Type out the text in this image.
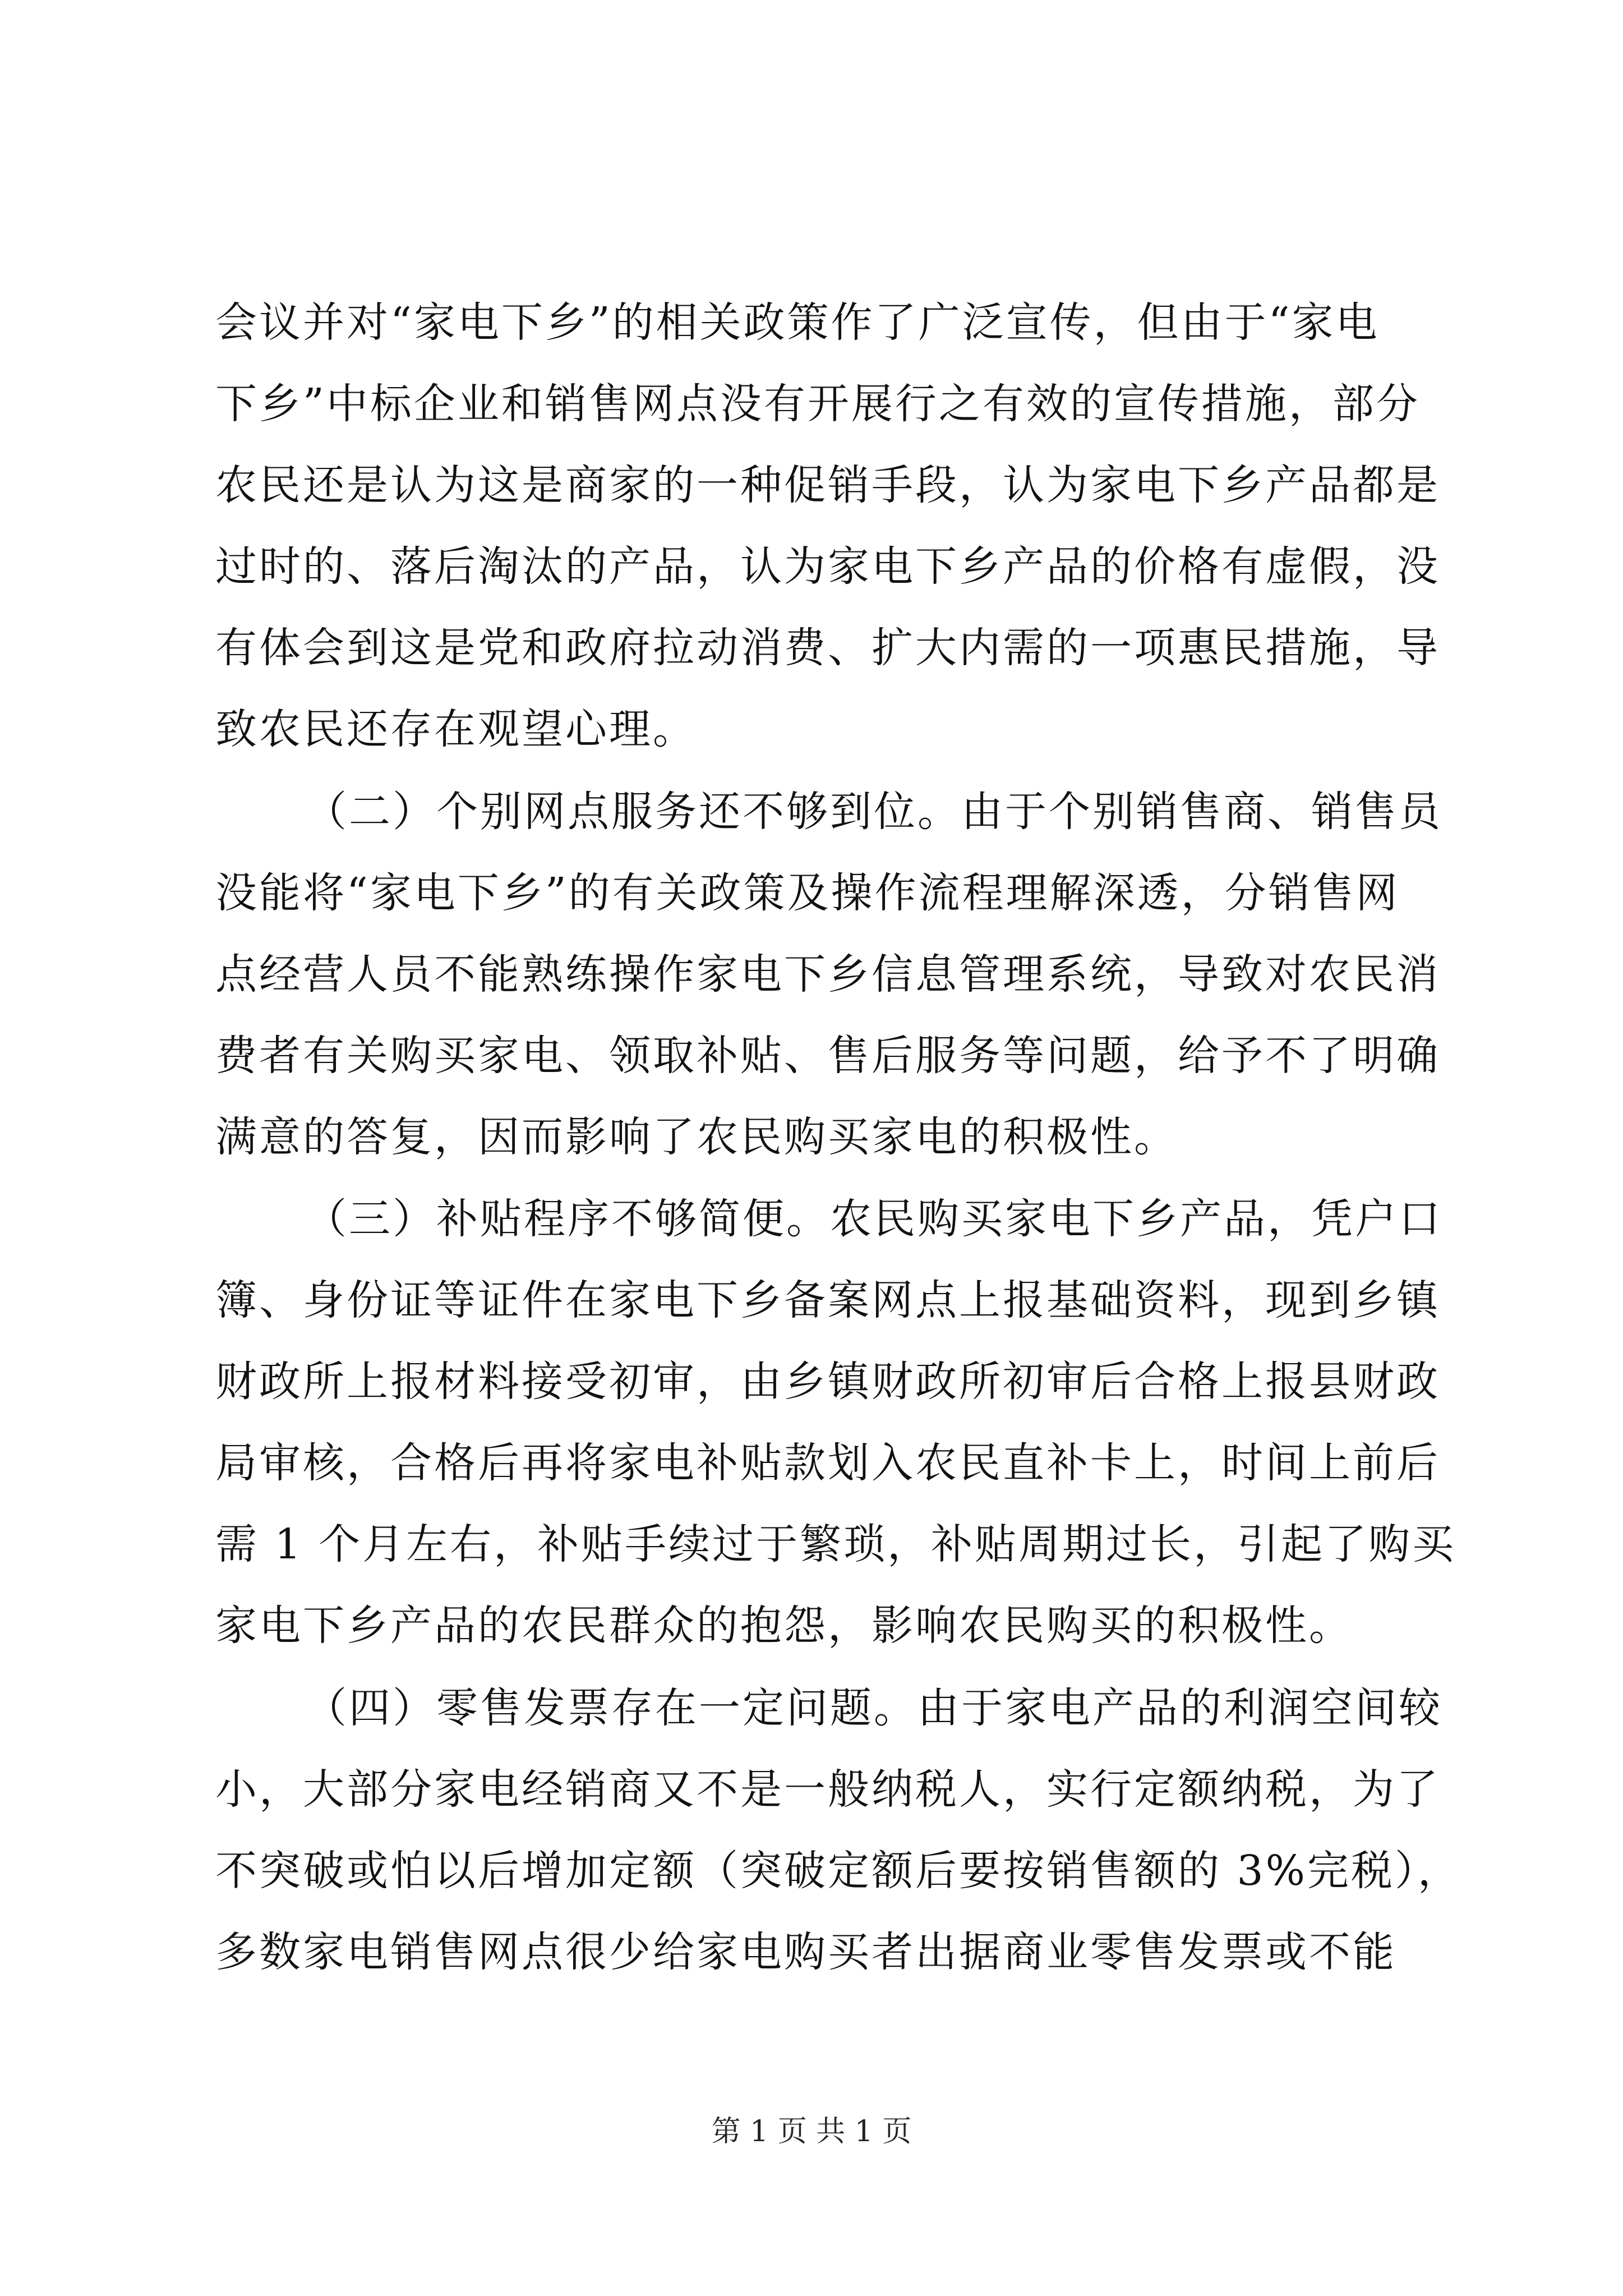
会议并对“家电下乡”的相关政策作了广泛宣传，但由于“家电
下乡”中标企业和销售网点没有开展行之有效的宣传措施，部分
农民还是认为这是商家的一种促销手段，认为家电下乡产品都是
过时的、落后淘汰的产品，认为家电下乡产品的价格有虚假，没
有体会到这是党和政府拉动消费、扩大内需的一项惠民措施，导
致农民还存在观望心理。
（二）个别网点服务还不够到位。由于个别销售商、销售员
没能将“家电下乡”的有关政策及操作流程理解深透，分销售网
点经营人员不能熟练操作家电下乡信息管理系统，导致对农民消
费者有关购买家电、领取补贴、售后服务等问题，给予不了明确
满意的答复，因而影响了农民购买家电的积极性。
（三）补贴程序不够简便。农民购买家电下乡产品，凭户口
簿、身份证等证件在家电下乡备案网点上报基础资料，现到乡镇
财政所上报材料接受初审，由乡镇财政所初审后合格上报县财政
局审核，合格后再将家电补贴款划入农民直补卡上，时间上前后
需 1 个月左右，补贴手续过于繁琐，补贴周期过长，引起了购买
家电下乡产品的农民群众的抱怨，影响农民购买的积极性。
（四）零售发票存在一定问题。由于家电产品的利润空间较
小，大部分家电经销商又不是一般纳税人，实行定额纳税，为了
不突破或怕以后增加定额（突破定额后要按销售额的 3%完税），
多数家电销售网点很少给家电购买者出据商业零售发票或不能
第 1 页 共 1 页
